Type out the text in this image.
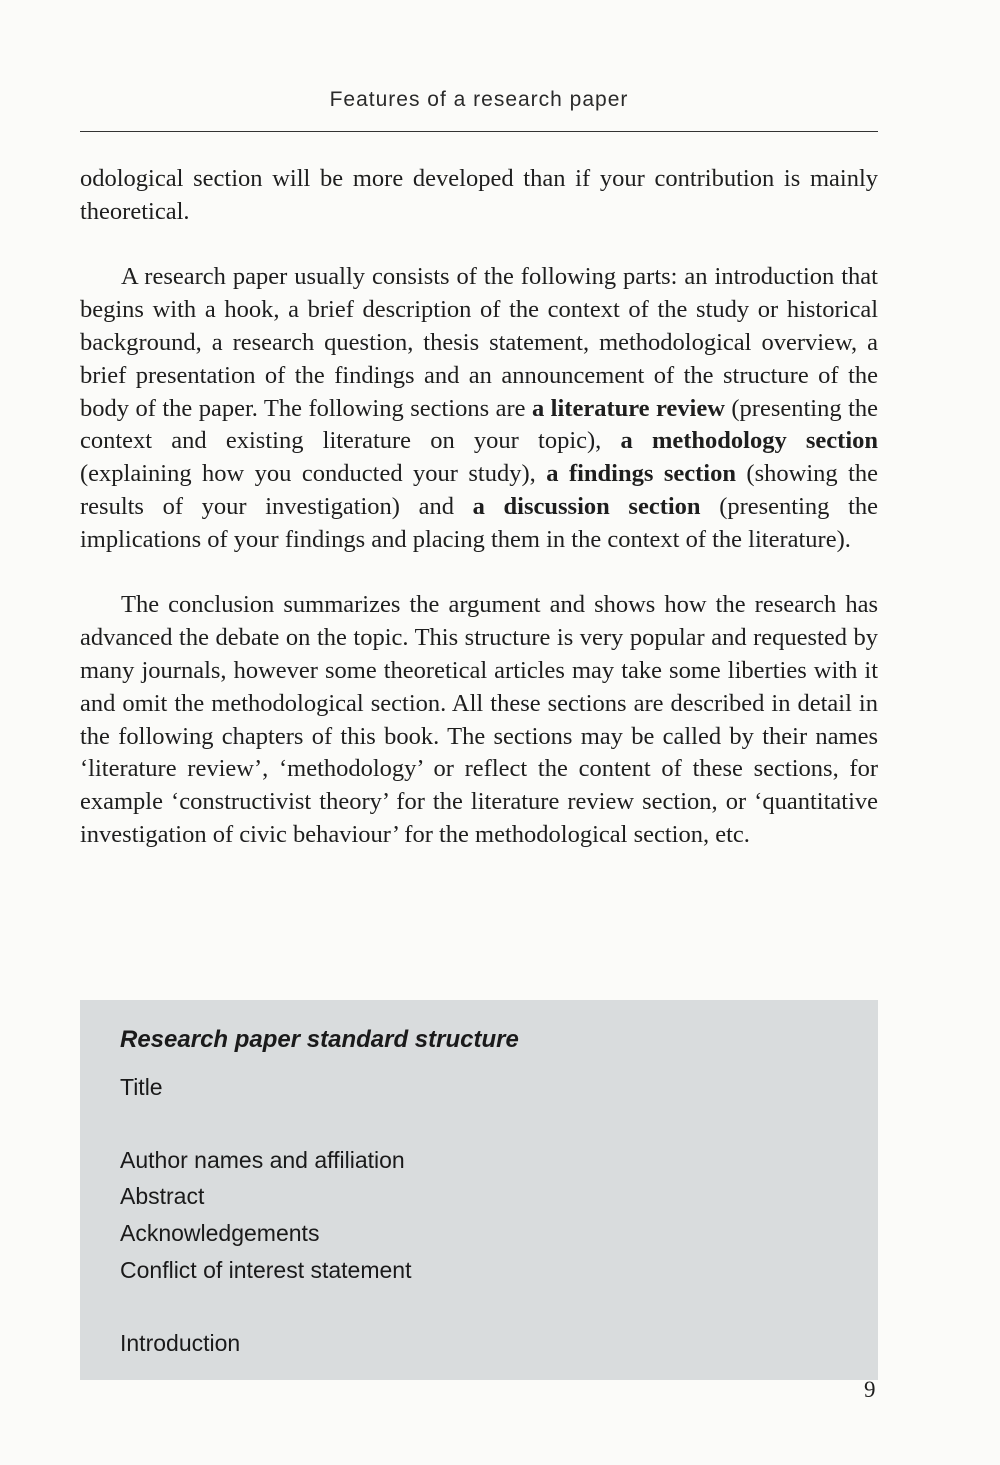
Features of a research paper

odological section will be more developed than if your contribution is mainly theoretical.

A research paper usually consists of the following parts: an introduction that begins with a hook, a brief description of the context of the study or historical background, a research question, thesis statement, methodological overview, a brief presentation of the findings and an announcement of the structure of the body of the paper. The following sections are a literature review (presenting the context and existing literature on your topic), a methodology section (explaining how you conducted your study), a findings section (showing the results of your investigation) and a discussion section (presenting the implications of your findings and placing them in the context of the literature).

The conclusion summarizes the argument and shows how the research has advanced the debate on the topic. This structure is very popular and requested by many journals, however some theoretical articles may take some liberties with it and omit the methodological section. All these sections are described in detail in the following chapters of this book. The sections may be called by their names ‘literature review’, ‘methodology’ or reflect the content of these sections, for example ‘constructivist theory’ for the literature review section, or ‘quantitative investigation of civic behaviour’ for the methodological section, etc.

Research paper standard structure
Title
Author names and affiliation
Abstract
Acknowledgements
Conflict of interest statement
Introduction
9
